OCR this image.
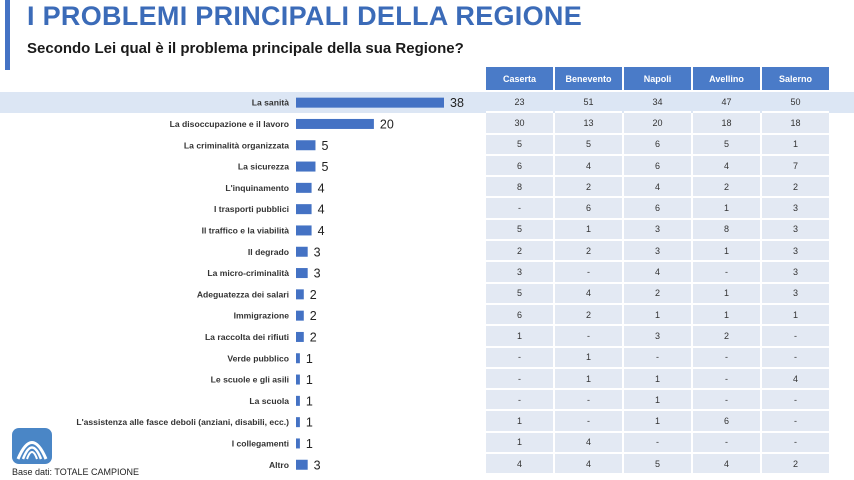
I PROBLEMI PRINCIPALI DELLA REGIONE
Secondo Lei qual è il problema principale della sua Regione?
La sanità	38
La disoccupazione e il lavoro	20
La criminalità organizzata	5
La sicurezza	5
L'inquinamento 4
I trasporti pubblici 4
Il traffico e la viabilità 4
Il degrado 3
La micro-criminalità 3
Adeguatezza dei salari 2
Immigrazione 2
La raccolta dei rifiuti 2
Verde pubblico 1
Le scuole e gli asili 1
La scuola 1
L'assistenza alle fasce deboli (anziani, disabili, ecc.) 1
I collegamenti 1
Altro 3
Caserta	Benevento	Napoli	Avellino	Salerno
23	51	34	47	50
30	13	20	18	18
5	5	6	5	1
6	4	6	4	7
8	2	4	2	2
-	6	6	1	3
5	1	3	8	3
2	2	3	1	3
3	-	4	-	3
5	4	2	1	3
6	2	1	1	1
1	-	3	2	-
-	1	-	-	-
-	1	1	-	4
-	-	1	-	-
1	-	1	6	-
1	4	-	-	-
4	4	5	4	2
Base dati: TOTALE CAMPIONE
